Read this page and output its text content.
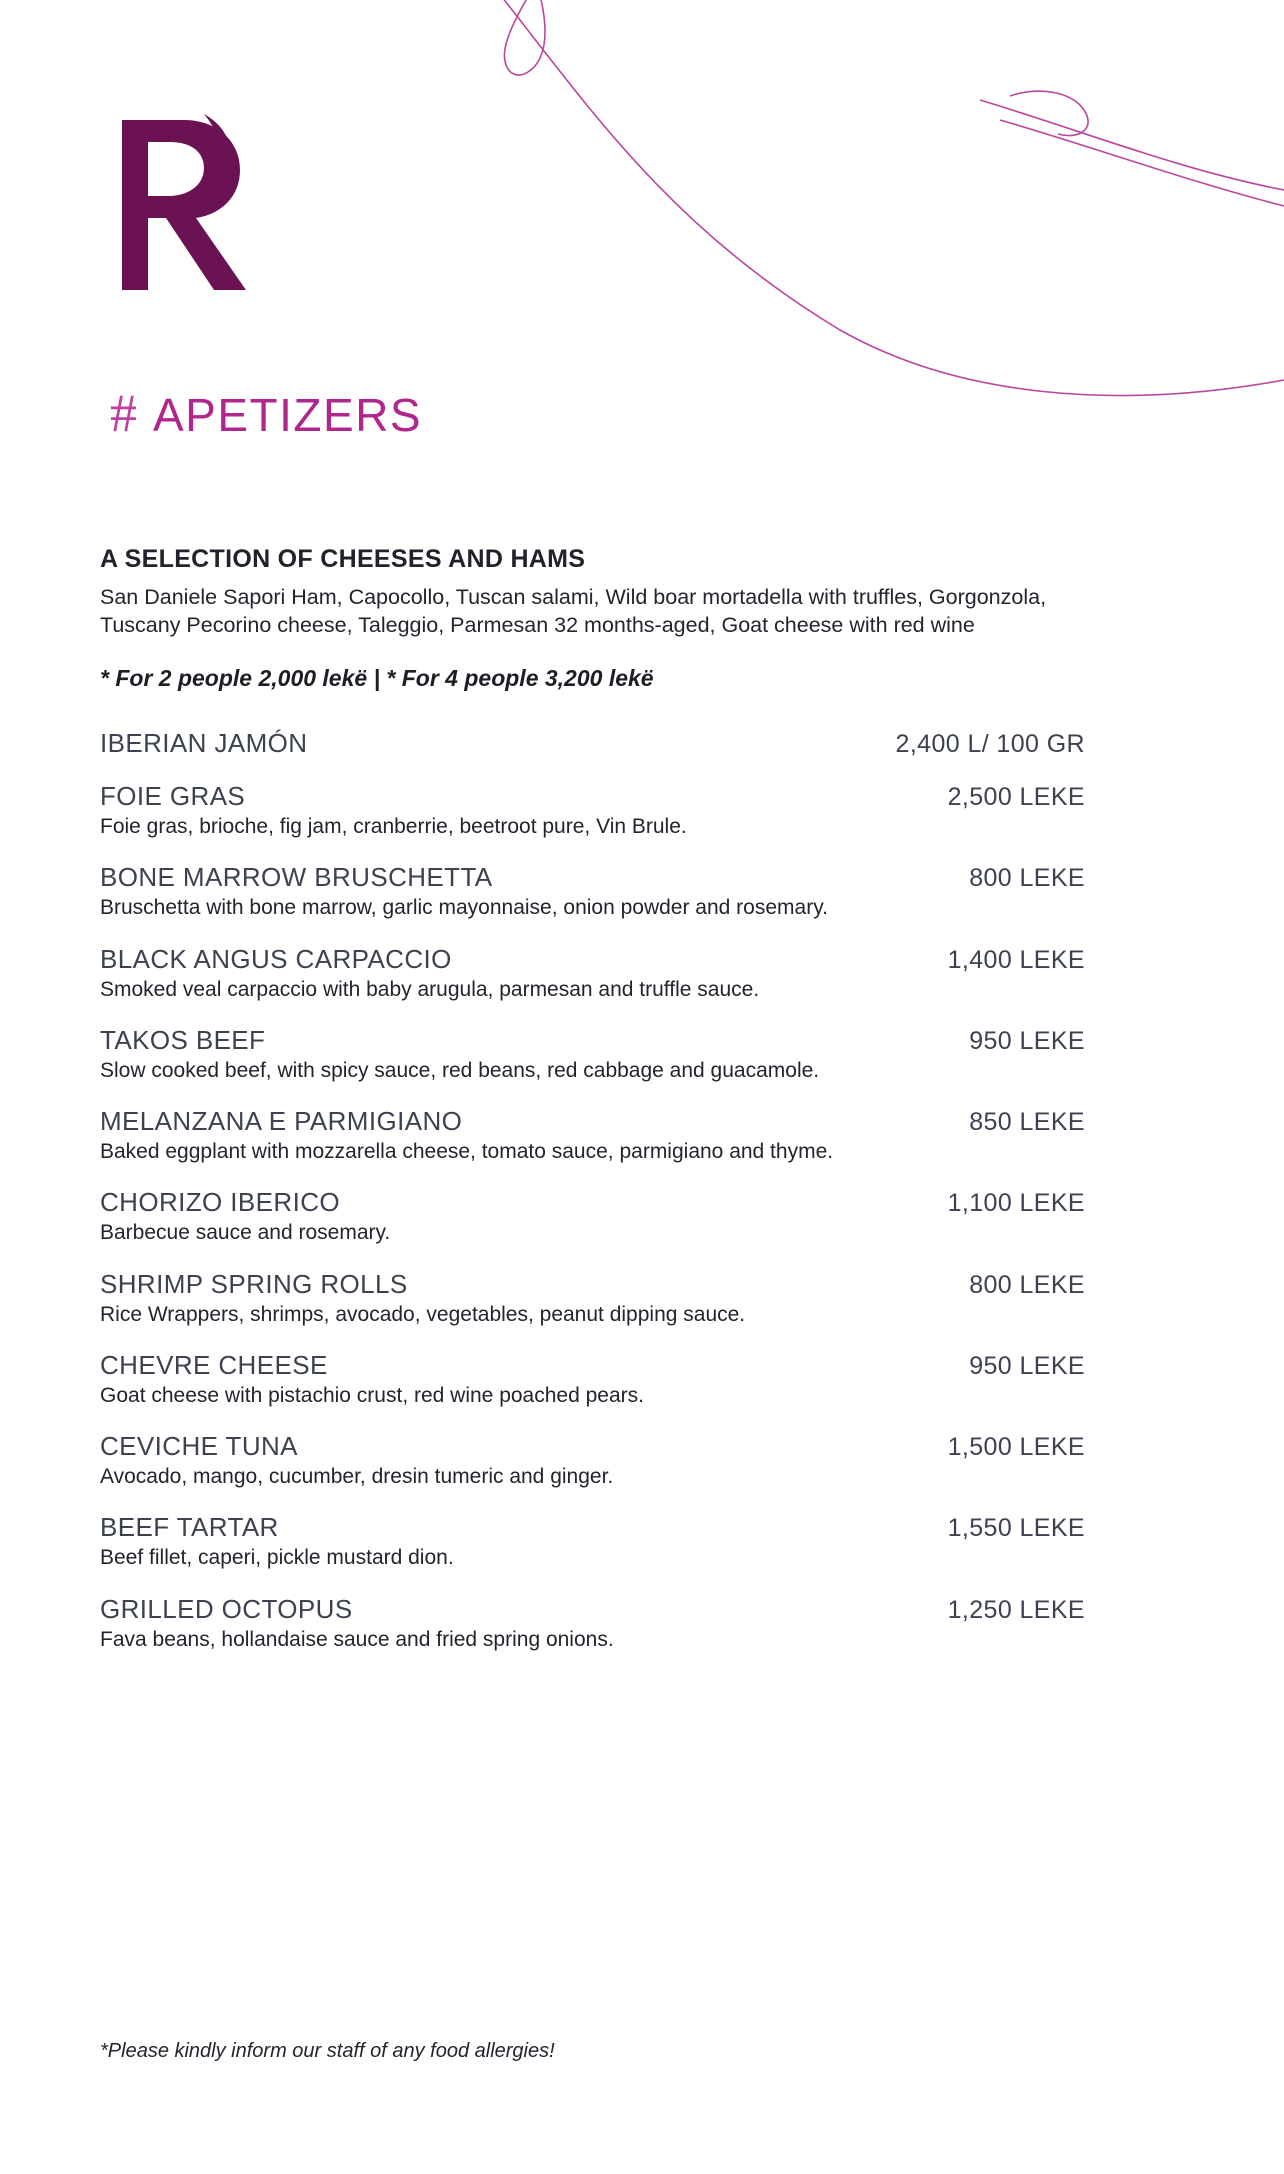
# APETIZERS
A SELECTION OF CHEESES AND HAMS
San Daniele Sapori Ham, Capocollo, Tuscan salami, Wild boar mortadella with truffles, Gorgonzola, Tuscany Pecorino cheese, Taleggio, Parmesan 32 months-aged, Goat cheese with red wine
* For 2 people 2,000 lekë | * For 4 people 3,200 lekë
IBERIAN JAMÓN	2,400 L/ 100 GR
FOIE GRAS	2,500 LEKE
Foie gras, brioche, fig jam, cranberrie, beetroot pure, Vin Brule.
BONE MARROW BRUSCHETTA	800 LEKE
Bruschetta with bone marrow, garlic mayonnaise, onion powder and rosemary.
BLACK ANGUS CARPACCIO	1,400 LEKE
Smoked veal carpaccio with baby arugula, parmesan and truffle sauce.
TAKOS BEEF	950 LEKE
Slow cooked beef, with spicy sauce, red beans, red cabbage and guacamole.
MELANZANA E PARMIGIANO	850 LEKE
Baked eggplant with mozzarella cheese, tomato sauce, parmigiano and thyme.
CHORIZO IBERICO	1,100 LEKE
Barbecue sauce and rosemary.
SHRIMP SPRING ROLLS	800 LEKE
Rice Wrappers, shrimps, avocado, vegetables, peanut dipping sauce.
CHEVRE CHEESE	950 LEKE
Goat cheese with pistachio crust, red wine poached pears.
CEVICHE TUNA	1,500 LEKE
Avocado, mango, cucumber, dresin tumeric and ginger.
BEEF TARTAR	1,550 LEKE
Beef fillet, caperi, pickle mustard dion.
GRILLED OCTOPUS	1,250 LEKE
Fava beans, hollandaise sauce and fried spring onions.
*Please kindly inform our staff of any food allergies!
